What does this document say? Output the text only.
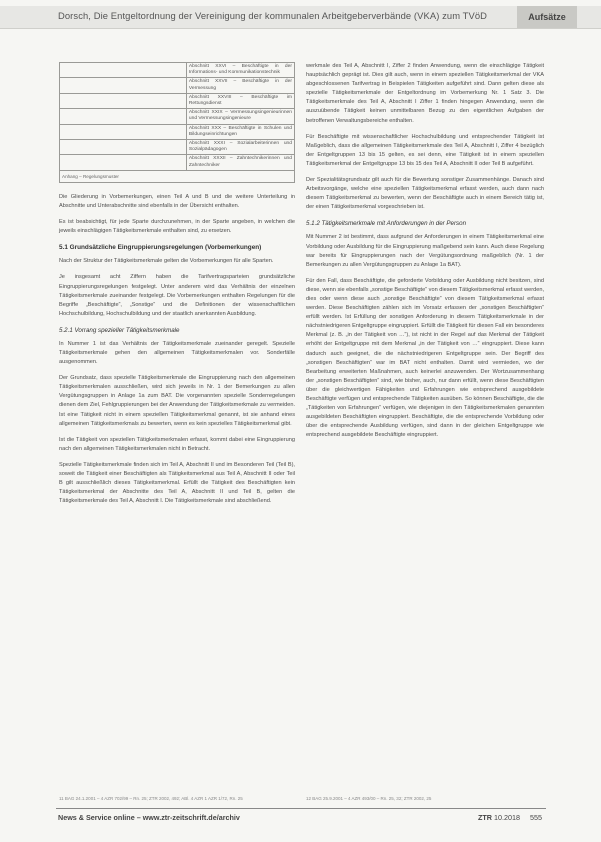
Dorsch, Die Entgeltordnung der Vereinigung der kommunalen Arbeitgeberverbände (VKA) zum TVöD	Aufsätze
	Abschnitt XXVI – Beschäftigte in der Informations- und Kommunikationstechnik
	Abschnitt XXVII – Beschäftigte in der Vermessung
	Abschnitt XXVIII – Beschäftigte im Rettungsdienst
	Abschnitt XXIX – Vermessungsingenieurinnen und Vermessungsingenieure
	Abschnitt XXX – Beschäftigte in Schulen und Bildungseinrichtungen
	Abschnitt XXXI – Sozialarbeiterinnen und Sozialpädagogen
	Abschnitt XXXII – Zahntechnikerinnen und Zahntechniker
Anhang – Regelungsmuster

Die Gliederung in Vorbemerkungen, einen Teil A und B und die weitere Unterteilung in Abschnitte und Unterabschnitte sind ebenfalls in der Übersicht enthalten.

Es ist beabsichtigt, für jede Sparte durchzunehmen, in der Sparte angeben, in welchen die jeweils einschlägigen Tätigkeitsmerkmale enthalten sind, zu ersetzen.

5.1 Grundsätzliche Eingruppierungsregelungen (Vorbemerkungen)

Nach der Struktur der Tätigkeitsmerkmale gelten die Vorbemerkungen für alle Sparten.

Je insgesamt acht Ziffern haben die Tarifvertragsparteien grundsätzliche Eingruppierungsregelungen festgelegt. Unter anderem wird das Verhältnis der einzelnen Tätigkeitsmerkmale zueinander festgelegt. Die Vorbemerkungen enthalten Regelungen für die Begriffe „Beschäftigte“, „Sonstige“ und die Definitionen der wissenschaftlichen Hochschulbildung, Hochschulbildung und der staatlich anerkannten Ausbildung.

5.2.1 Vorrang spezieller Tätigkeitsmerkmale

In Nummer 1 ist das Verhältnis der Tätigkeitsmerkmale zueinander geregelt. Spezielle Tätigkeitsmerkmale gehen den allgemeinen Tätigkeitsmerkmalen vor. Sonderfälle ausgenommen.

Der Grundsatz, dass spezielle Tätigkeitsmerkmale die Eingruppierung nach den allgemeinen Tätigkeitsmerkmalen ausschließen, wird sich jeweils in Nr. 1 der Bemerkungen zu allen Vergütungsgruppen in Anlage 1a zum BAT. Die vorgenannten spezielle Sonderregelungen dienen dem Ziel, Fehlgruppierungen bei der Anwendung der Tätigkeitsmerkmale zu vermeiden. Ist eine Tätigkeit nicht in einem speziellen Tätigkeitsmerkmal genannt, ist sie anhand eines allgemeinen Tätigkeitsmerkmals zu bewerten, wenn es kein spezielles Tätigkeitsmerkmal gibt.

Ist die Tätigkeit von speziellen Tätigkeitsmerkmalen erfasst, kommt dabei eine Eingruppierung nach den allgemeinen Tätigkeitsmerkmalen nicht in Betracht.

Spezielle Tätigkeitsmerkmale finden sich im Teil A, Abschnitt II und im Besonderen Teil (Teil B), soweit die Tätigkeit einer Beschäftigten als Tätigkeitsmerkmal aus Teil A, Abschnitt II oder Teil B gilt ausschließlich dieses Tätigkeitsmerkmal. Erfüllt die Tätigkeit des Beschäftigten kein Tätigkeitsmerkmal der Abschnitte des Teil A, Abschnitt II und Teil B, gelten die Tätigkeitsmerkmale des Teil A, Abschnitt I. Die Tätigkeitsmerkmale sind abschließend.

werkmale des Teil A, Abschnitt I, Ziffer 2 finden Anwendung, wenn die einschlägige Tätigkeit hauptsächlich geprägt ist. Dies gilt auch, wenn in einem speziellen Tätigkeitsmerkmal der VKA abgeschlossenen Tarifvertrag in Beispielen Tätigkeiten aufgeführt sind. Dann gelten diese als spezielle Tätigkeitsmerkmale der Entgeltordnung im Vorbemerkung Nr. 1 Satz 3. Die Tätigkeitsmerkmale des Teil A, Abschnitt I Ziffer 1 finden hingegen Anwendung, wenn die auszuübende Tätigkeit keinen unmittelbaren Bezug zu den eigentlichen Aufgaben der betroffenen Verwaltungsbereiche enthalten.

Für Beschäftigte mit wissenschaftlicher Hochschulbildung und entsprechender Tätigkeit ist Maßgeblich, dass die allgemeinen Tätigkeitsmerkmale des Teil A, Abschnitt I, Ziffer 4 bezüglich der Entgeltgruppen 13 bis 15 gelten, es sei denn, eine Tätigkeit ist in einem speziellen Tätigkeitsmerkmal der Entgeltgruppe 13 bis 15 des Teil A, Abschnitt II oder Teil B aufgeführt.

Der Spezialitätsgrundsatz gilt auch für die Bewertung sonstiger Zusammenhänge. Danach sind Arbeitsvorgänge, welche eine speziellen Tätigkeitsmerkmal erfasst werden, auch dann nach diesem Tätigkeitsmerkmal zu bewerten, wenn der Beschäftigte auch in einem Bereich tätig ist, der einen Tätigkeitsmerkmal vorgeschrieben ist.

5.1.2 Tätigkeitsmerkmale mit Anforderungen in der Person

Mit Nummer 2 ist bestimmt, dass aufgrund der Anforderungen in einem Tätigkeitsmerkmal eine Vorbildung oder Ausbildung für die Eingruppierung maßgebend sein kann. Auch diese Regelung war bereits für Eingruppierungen nach der Vergütungsordnung maßgeblich (Nr. 1 der Bemerkungen zu allen Vergütungsgruppen zu Anlage 1a BAT).

Für den Fall, dass Beschäftigte, die geforderte Vorbildung oder Ausbildung nicht besitzen, sind diese, wenn sie ebenfalls „sonstige Beschäftigte“ von diesem Tätigkeitsmerkmal erfasst werden, dies oder wenn diese auch „sonstige Beschäftigte“ von diesem Tätigkeitsmerkmal erfasst werden. Diese Beschäftigten zählen sich im Vorsatz erfassen der „sonstigen Beschäftigten“ erfüllt werden. Ist Erfüllung der sonstigen Anforderung in diesem Tätigkeitsmerkmale in der nächstniedrigeren Entgeltgruppe eingruppiert. Erfüllt die Tätigkeit für diesen Fall ein besonderes Merkmal (z. B. „in der Tätigkeit von …“), ist nicht in der Regel auf das Merkmal der Tätigkeit erhöht der Entgeltgruppe mit dem Merkmal „in der Tätigkeit von …“ eingruppiert. Diese kann dadurch auch geeignet, die die nächstniedrigeren Entgeltgruppe sein. Der Begriff des „sonstigen Beschäftigten“ war im BAT nicht enthalten. Damit wird vermieden, wo der Bearbeitung erweiterten Maßnahmen, auch keinerlei anzuwenden. Der Wortzusammenhang der „sonstigen Beschäftigten“ sind, wie bisher, auch, nur dann erfüllt, wenn diese Beschäftigten über die gleichwertigen Fähigkeiten und Erfahrungen wie entsprechend ausgebildete Beschäftigte verfügen und entsprechende Tätigkeiten ausüben. So können Beschäftigte, die die „Tätigkeiten von Erfahrungen“ verfügen, wie diejenigen in den Tätigkeitsmerkmalen genannten ausgebildeten Beschäftigten eingruppiert. Beschäftigte, die die entsprechende Vorbildung oder über die entsprechende Ausbildung verfügen, sind dann in der gleichen Entgeltgruppe wie entsprechend ausgebildete Beschäftigte eingruppiert.

11 BAG 24.1.2001 – 4 AZR 702/99 – Rn. 25; ZTR 2002, 492; ABl. 4 AZR 1 AZR 1/72, Rn. 25	12 BAG 25.9.2001 – 4 AZR 493/00 – Rn. 25, 32; ZTR 2002, 25
News & Service online – www.ztr-zeitschrift.de/archiv	ZTR 10.2018 555
